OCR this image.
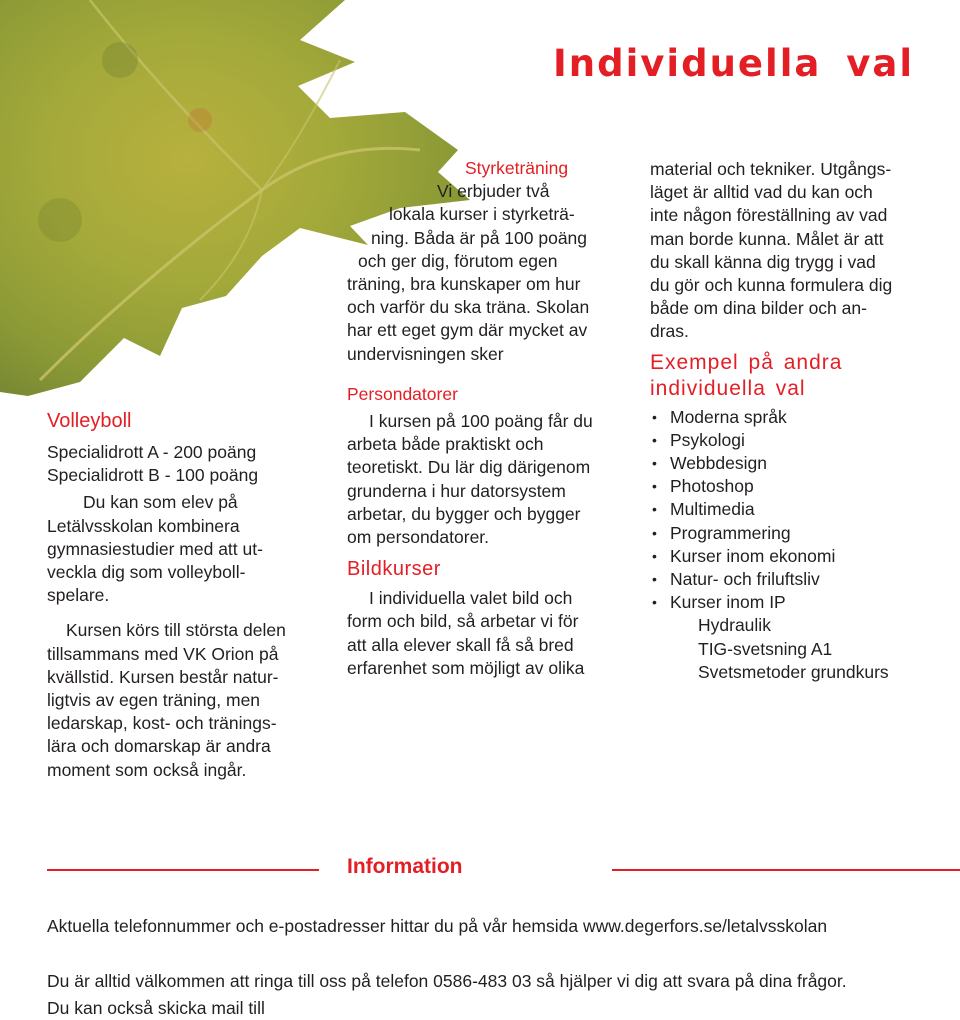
Individuella val
Volleyboll

Specialidrott A - 200 poäng

Specialidrott B - 100 poäng

Du kan som elev på

Letälvsskolan kombinera

gymnasiestudier med att ut-

veckla dig som volleyboll-

spelare.

Kursen körs till största delen

tillsammans med VK Orion på

kvällstid. Kursen består natur-

ligtvis av egen träning, men

ledarskap, kost- och tränings-

lära och domarskap är andra

moment som också ingår.

Styrketräning

Vi erbjuder två

lokala kurser i styrketrä-

ning. Båda är på 100 poäng

och ger dig, förutom egen

träning, bra kunskaper om hur

och varför du ska träna. Skolan

har ett eget gym där mycket av

undervisningen sker

Persondatorer

I kursen på 100 poäng får du

arbeta både praktiskt och

teoretiskt. Du lär dig därigenom

grunderna i hur datorsystem

arbetar, du bygger och bygger

om persondatorer.

Bildkurser

I individuella valet bild och

form och bild, så arbetar vi för

att alla elever skall få så bred

erfarenhet som möjligt av olika

material och tekniker. Utgångs-

läget är alltid vad du kan och

inte någon föreställning av vad

man borde kunna. Målet är att

du skall känna dig trygg i vad

du gör och kunna formulera dig

både om dina bilder och an-

dras.

Exempel på andra
individuella val
• Moderna språk
• Psykologi
• Webbdesign
• Photoshop
• Multimedia
• Programmering
• Kurser inom ekonomi
• Natur- och friluftsliv
• Kurser inom IP

Hydraulik

TIG-svetsning A1

Svetsmetoder grundkurs

Information

Aktuella telefonnummer och e-postadresser hittar du på vår hemsida www.degerfors.se/letalvsskolan

Du är alltid välkommen att ringa till oss på telefon 0586-483 03 så hjälper vi dig att svara på dina frågor.

Du kan också skicka mail till
